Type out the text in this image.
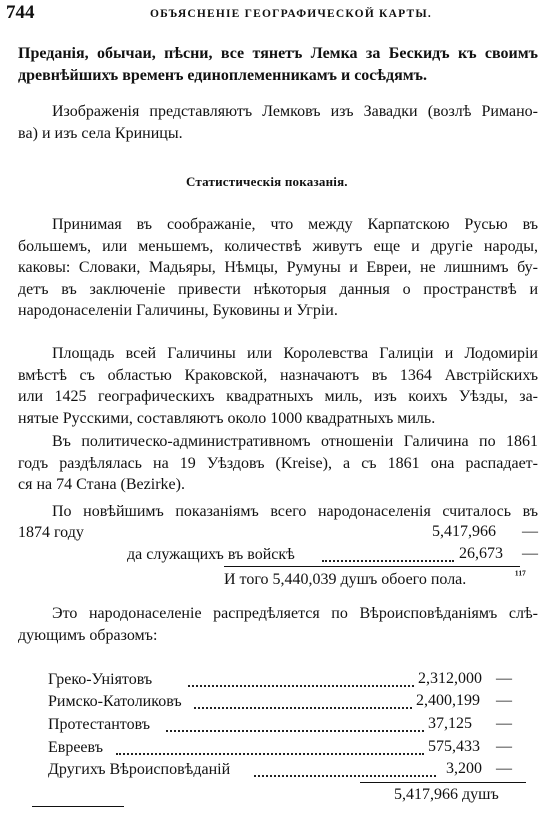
744	ОБЪЯСНЕНІЕ ГЕОГРАФИЧЕСКОЙ КАРТЫ.
Преданія, обычаи, пѣсни, все тянетъ Лемка за Бескидъ къ своимъ
древнѣйшихъ временъ единоплеменникамъ и сосѣдямъ.
Изображенія представляютъ Лемковъ изъ Завадки (возлѣ Римано-
вa) и изъ села Криницы.
Статистическія показанія.
Принимая въ соображаніе, что между Карпатскою Русью въ
большемъ, или меньшемъ, количествѣ живутъ еще и другіе народы,
каковы: Словаки, Мадьяры, Нѣмцы, Румуны и Евреи, не лишнимъ бу-
детъ въ заключеніе привести нѣкоторыя данныя о пространствѣ и
народонаселеніи Галичины, Буковины и Угріи.
Площадь всей Галичины или Королевства Галиціи и Лодомиріи
вмѣстѣ съ областью Краковской, назначаютъ въ 1364 Австрійскихъ
или 1425 географическихъ квадратныхъ миль, изъ коихъ Уѣзды, за-
нятые Русскими, составляютъ около 1000 квадратныхъ миль.
Въ политическо-административномъ отношеніи Галичина по 1861
годъ раздѣлялась на 19 Уѣздовъ (Kreise), а съ 1861 она распадает-
ся на 74 Стана (Bezirke).
По новѣйшимъ показаніямъ всего народонаселенія считалось въ
1874 году	5,417,966 —
да служащихъ въ войскѣ	26,673 —
И того 5,440,039 душъ обоего пола.	¹¹⁷
Это народонаселеніе распредѣляется по Вѣроисповѣданіямъ слѣ-
дующимъ образомъ:
Греко-Уніятовъ	2,312,000 —
Римско-Католиковъ	2,400,199 —
Протестантовъ	37,125 —
Евреевъ	575,433 —
Другихъ Вѣроисповѣданій	3,200 —
5,417,966 душъ
